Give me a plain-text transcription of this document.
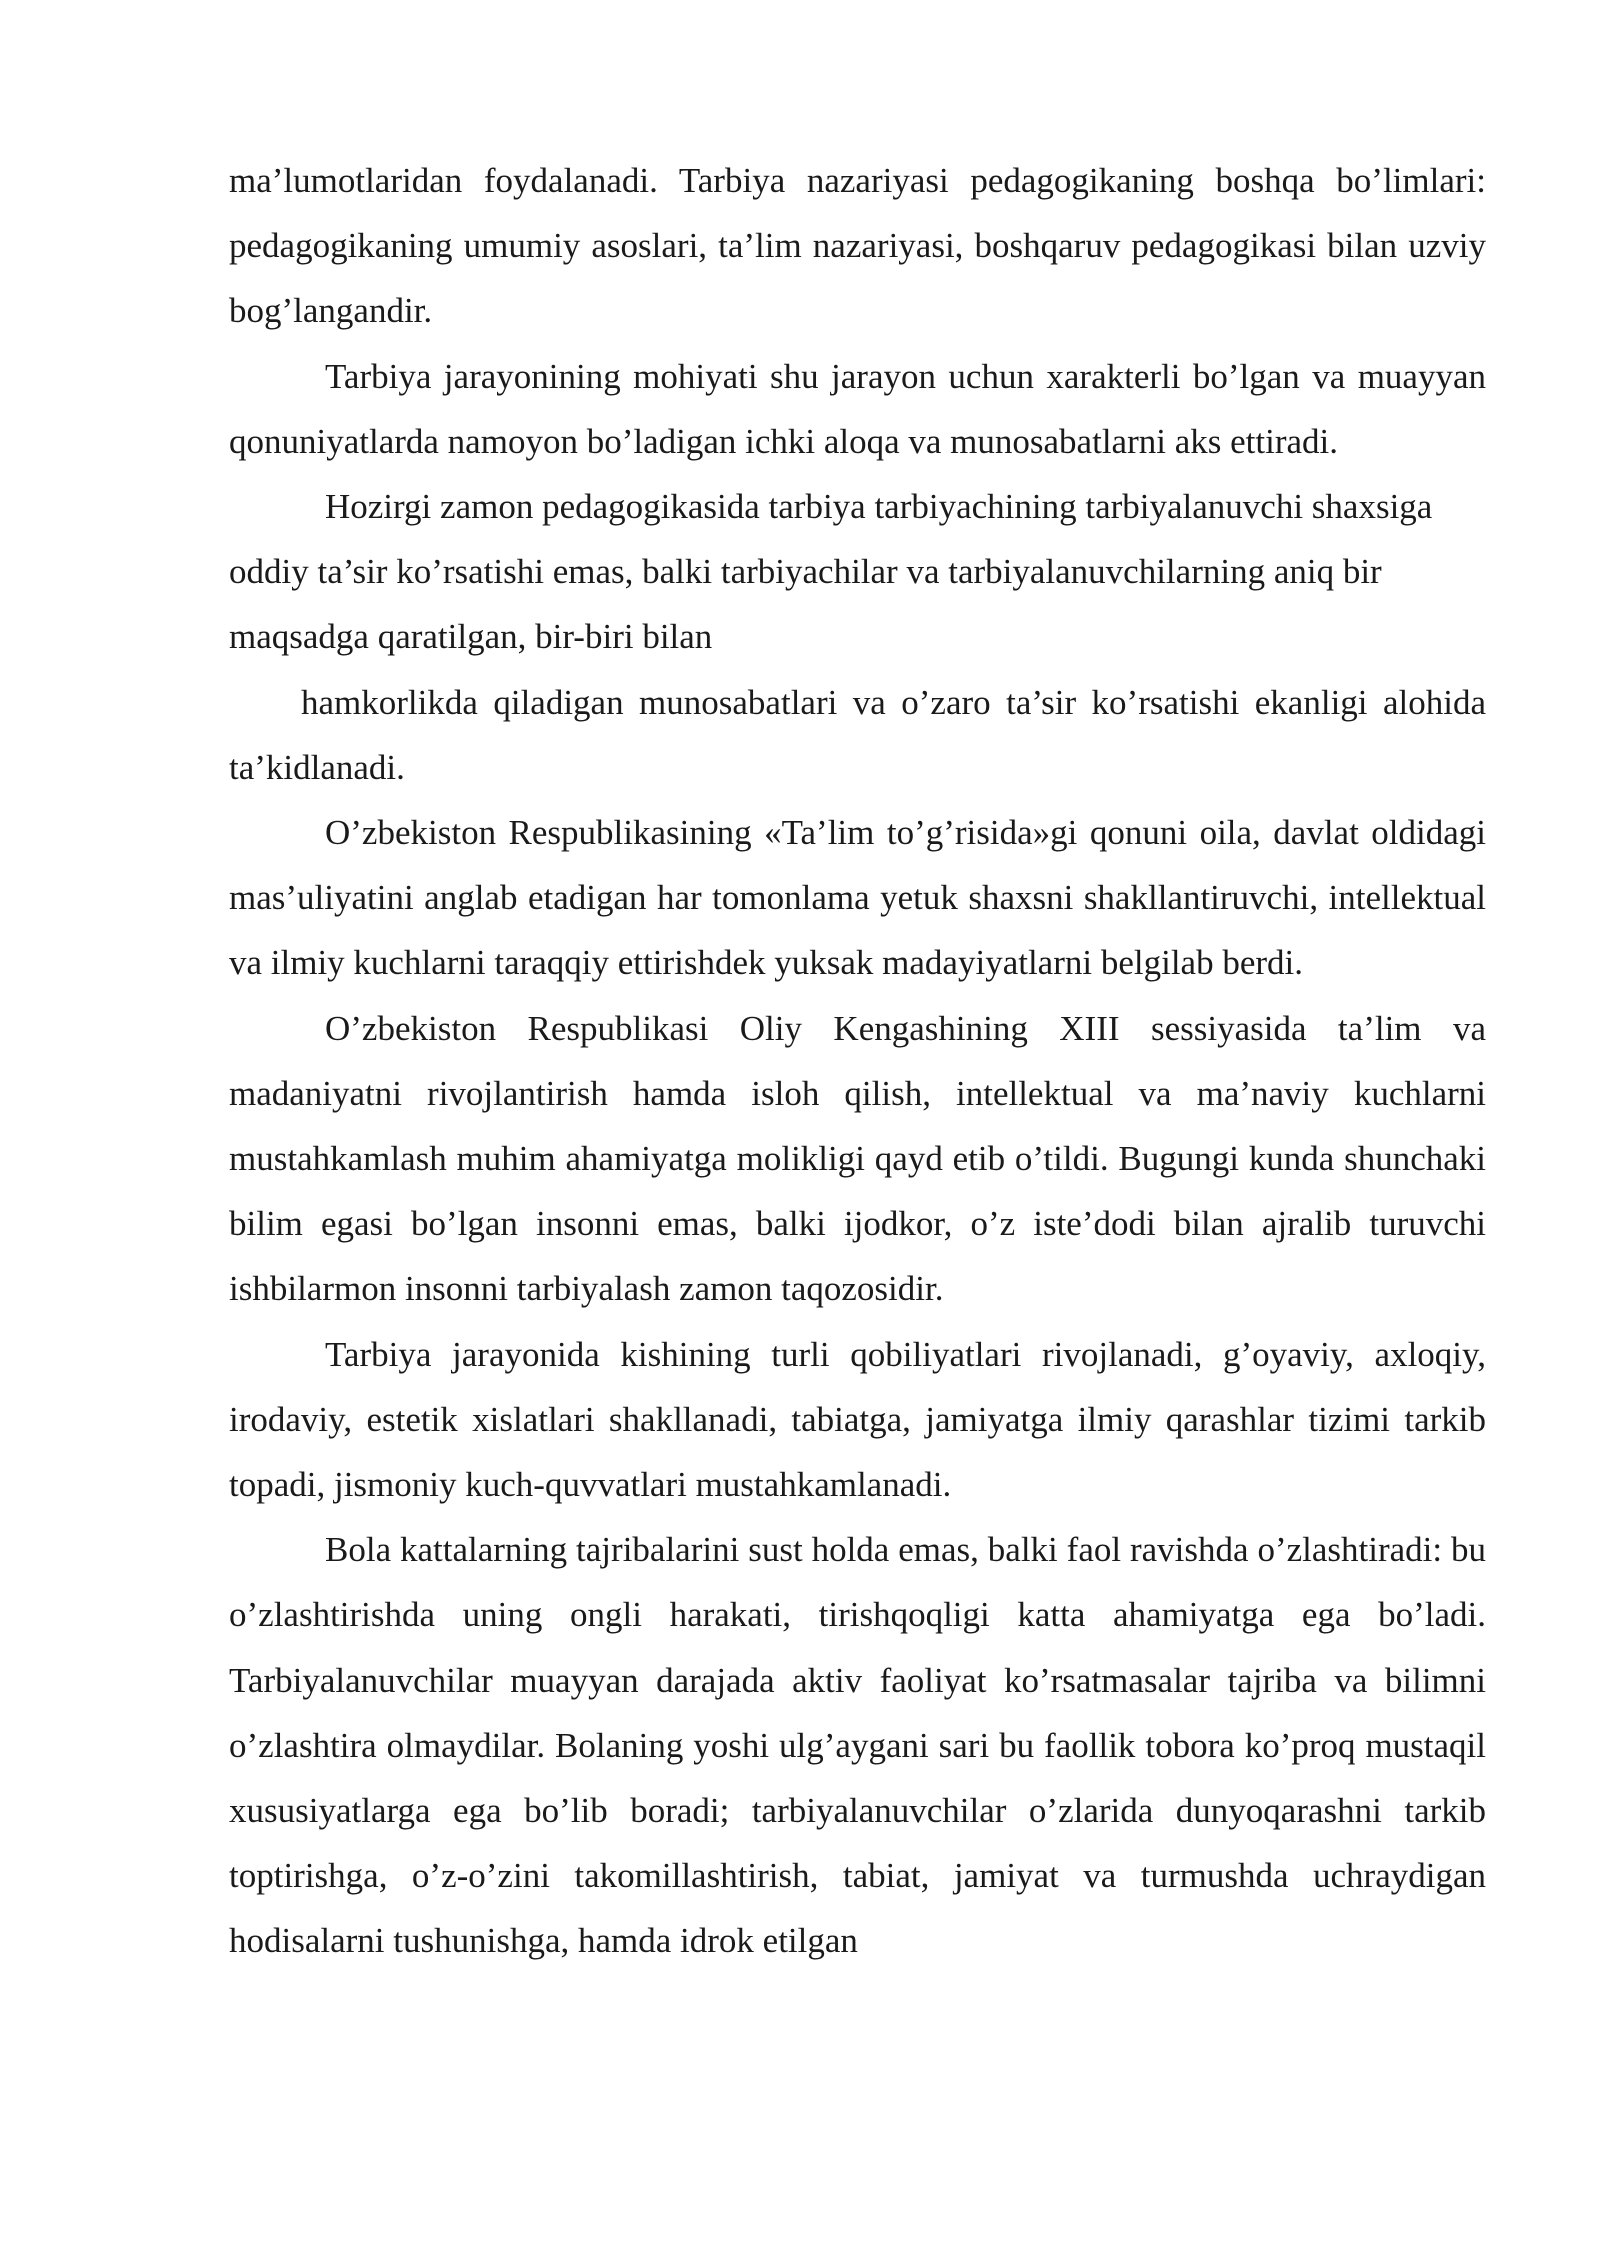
ma’lumotlaridan foydalanadi. Tarbiya nazariyasi pedagogikaning boshqa bo’limlari: pedagogikaning umumiy asoslari, ta’lim nazariyasi, boshqaruv pedagogikasi bilan uzviy bog’langandir.

Tarbiya jarayonining mohiyati shu jarayon uchun xarakterli bo’lgan va muayyan qonuniyatlarda namoyon bo’ladigan ichki aloqa va munosabatlarni aks ettiradi.

Hozirgi zamon pedagogikasida tarbiya tarbiyachining tarbiyalanuvchi shaxsiga oddiy ta’sir ko’rsatishi emas, balki tarbiyachilar va tarbiyalanuvchilarning aniq bir maqsadga qaratilgan, bir-biri bilan

hamkorlikda qiladigan munosabatlari va o’zaro ta’sir ko’rsatishi ekanligi alohida ta’kidlanadi.

O’zbekiston Respublikasining «Ta’lim to’g’risida»gi qonuni oila, davlat oldidagi mas’uliyatini anglab etadigan har tomonlama yetuk shaxsni shakllantiruvchi, intellektual va ilmiy kuchlarni taraqqiy ettirishdek yuksak madayiyatlarni belgilab berdi.

O’zbekiston Respublikasi Oliy Kengashining XIII sessiyasida ta’lim va madaniyatni rivojlantirish hamda isloh qilish, intellektual va ma’naviy kuchlarni mustahkamlash muhim ahamiyatga molikligi qayd etib o’tildi. Bugungi kunda shunchaki bilim egasi bo’lgan insonni emas, balki ijodkor, o’z iste’dodi bilan ajralib turuvchi ishbilarmon insonni tarbiyalash zamon taqozosidir.

Tarbiya jarayonida kishining turli qobiliyatlari rivojlanadi, g’oyaviy, axloqiy, irodaviy, estetik xislatlari shakllanadi, tabiatga, jamiyatga ilmiy qarashlar tizimi tarkib topadi, jismoniy kuch-quvvatlari mustahkamlanadi.

Bola kattalarning tajribalarini sust holda emas, balki faol ravishda o’zlashtiradi: bu o’zlashtirishda uning ongli harakati, tirishqoqligi katta ahamiyatga ega bo’ladi. Tarbiyalanuvchilar muayyan darajada aktiv faoliyat ko’rsatmasalar tajriba va bilimni o’zlashtira olmaydilar. Bolaning yoshi ulg’aygani sari bu faollik tobora ko’proq mustaqil xususiyatlarga ega bo’lib boradi; tarbiyalanuvchilar o’zlarida dunyoqarashni tarkib toptirishga, o’z-o’zini takomillashtirish, tabiat, jamiyat va turmushda uchraydigan hodisalarni tushunishga, hamda idrok etilgan
